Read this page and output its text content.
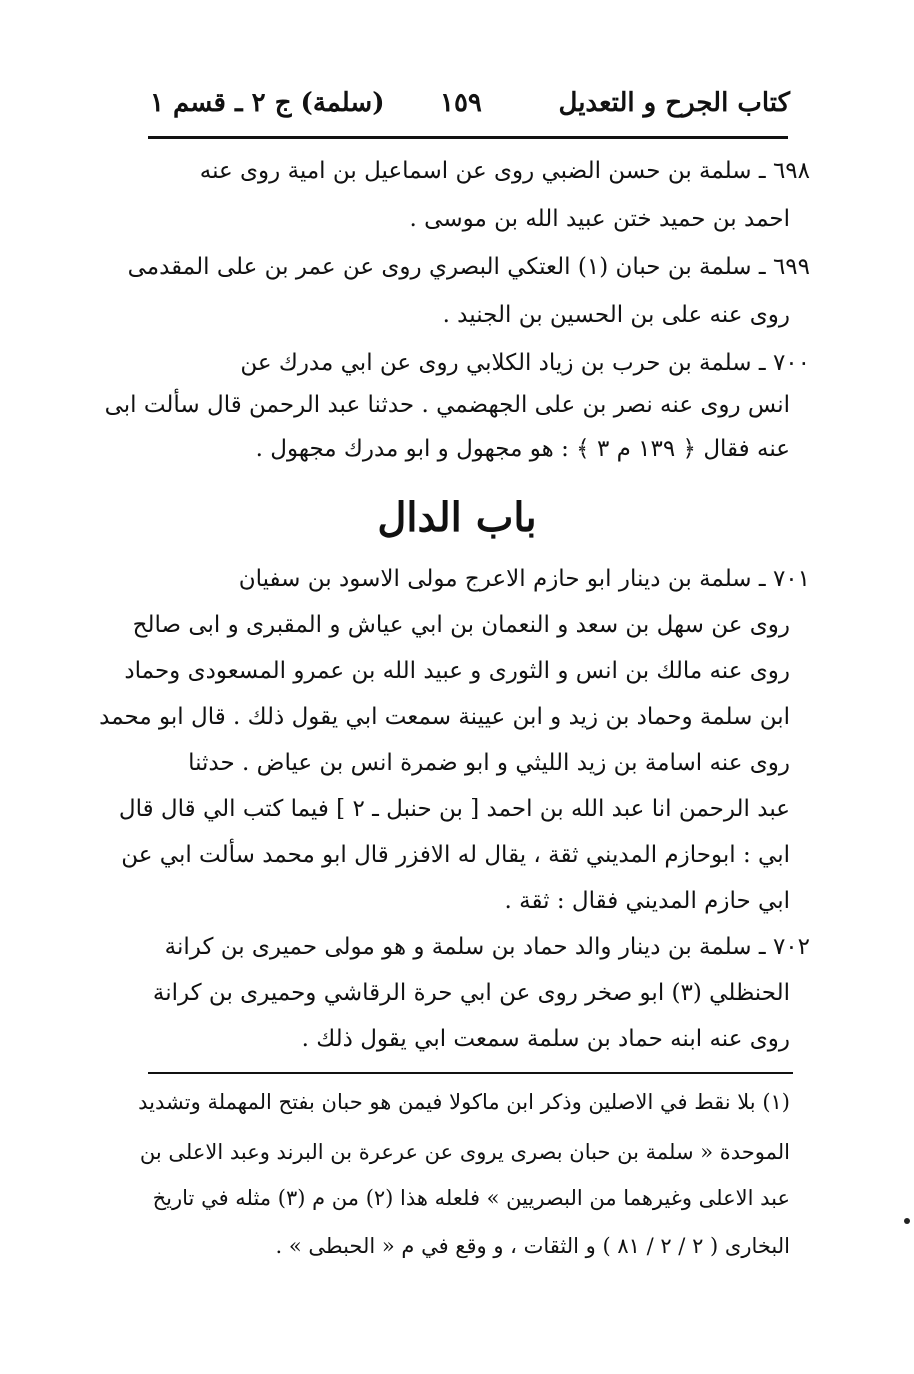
كتاب الجرح و التعديل
١٥٩
(سلمة) ج ٢ ـ قسم ١
٦٩٨ ـ سلمة بن حسن الضبي روى عن اسماعيل بن امية روى عنه
احمد بن حميد ختن عبيد الله بن موسى .
٦٩٩ ـ سلمة بن حبان (١) العتكي البصري روى عن عمر بن على المقدمى
روى عنه على بن الحسين بن الجنيد .
٧٠٠ ـ سلمة بن حرب بن زياد الكلابي روى عن ابي مدرك عن
انس روى عنه نصر بن على الجهضمي . حدثنا عبد الرحمن قال سألت ابى
عنه فقال ﴿ ١٣٩ م ٣ ﴾ : هو مجهول و ابو مدرك مجهول .
باب الدال
٧٠١ ـ سلمة بن دينار ابو حازم الاعرج مولى الاسود بن سفيان
روى عن سهل بن سعد و النعمان بن ابي عياش و المقبرى و ابى صالح
روى عنه مالك بن انس و الثورى و عبيد الله بن عمرو المسعودى وحماد
ابن سلمة وحماد بن زيد و ابن عيينة سمعت ابي يقول ذلك . قال ابو محمد
روى عنه اسامة بن زيد الليثي و ابو ضمرة انس بن عياض . حدثنا
عبد الرحمن انا عبد الله بن احمد [ بن حنبل ـ ٢ ] فيما كتب الي قال قال
ابي : ابوحازم المديني ثقة ، يقال له الافزر قال ابو محمد سألت ابي عن
ابي حازم المديني فقال : ثقة .
٧٠٢ ـ سلمة بن دينار والد حماد بن سلمة و هو مولى حميرى بن كرانة
الحنظلي (٣) ابو صخر روى عن ابي حرة الرقاشي وحميرى بن كرانة
روى عنه ابنه حماد بن سلمة سمعت ابي يقول ذلك .
(١) بلا نقط في الاصلين وذكر ابن ماكولا فيمن هو حبان بفتح المهملة وتشديد
الموحدة « سلمة بن حبان بصرى يروى عن عرعرة بن البرند وعبد الاعلى بن
عبد الاعلى وغيرهما من البصريين » فلعله هذا (٢) من م (٣) مثله في تاريخ
البخارى ( ٢ / ٢ / ٨١ ) و الثقات ، و وقع في م « الحبطى » .
